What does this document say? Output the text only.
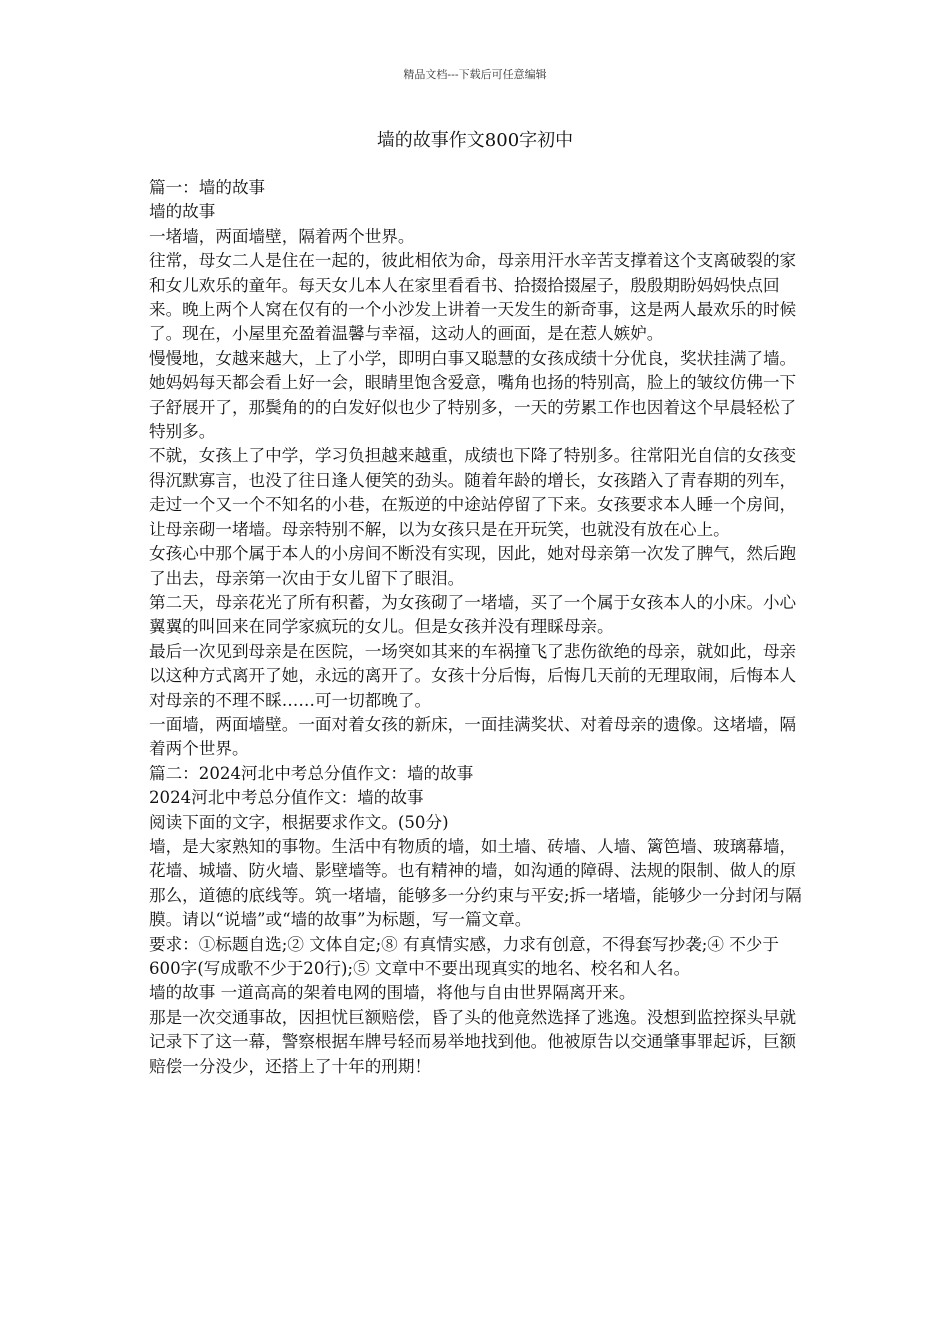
精品文档---下载后可任意编辑
墙的故事作文800字初中

篇一：墙的故事

墙的故事

一堵墙，两面墙壁，隔着两个世界。

往常，母女二人是住在一起的，彼此相依为命，母亲用汗水辛苦支撑着这个支离破裂的家和女儿欢乐的童年。每天女儿本人在家里看看书、拾掇拾掇屋子，殷殷期盼妈妈快点回来。晚上两个人窝在仅有的一个小沙发上讲着一天发生的新奇事，这是两人最欢乐的时候了。现在，小屋里充盈着温馨与幸福，这动人的画面，是在惹人嫉妒。

慢慢地，女越来越大，上了小学，即明白事又聪慧的女孩成绩十分优良，奖状挂满了墙。她妈妈每天都会看上好一会，眼睛里饱含爱意，嘴角也扬的特别高，脸上的皱纹仿佛一下子舒展开了，那鬓角的的白发好似也少了特别多，一天的劳累工作也因着这个早晨轻松了特别多。

不就，女孩上了中学，学习负担越来越重，成绩也下降了特别多。往常阳光自信的女孩变得沉默寡言，也没了往日逢人便笑的劲头。随着年龄的增长，女孩踏入了青春期的列车，走过一个又一个不知名的小巷，在叛逆的中途站停留了下来。女孩要求本人睡一个房间，让母亲砌一堵墙。母亲特别不解，以为女孩只是在开玩笑，也就没有放在心上。

女孩心中那个属于本人的小房间不断没有实现，因此，她对母亲第一次发了脾气，然后跑了出去，母亲第一次由于女儿留下了眼泪。

第二天，母亲花光了所有积蓄，为女孩砌了一堵墙，买了一个属于女孩本人的小床。小心翼翼的叫回来在同学家疯玩的女儿。但是女孩并没有理睬母亲。

最后一次见到母亲是在医院，一场突如其来的车祸撞飞了悲伤欲绝的母亲，就如此，母亲以这种方式离开了她，永远的离开了。女孩十分后悔，后悔几天前的无理取闹，后悔本人对母亲的不理不睬……可一切都晚了。

一面墙，两面墙壁。一面对着女孩的新床，一面挂满奖状、对着母亲的遗像。这堵墙，隔着两个世界。

篇二：2024河北中考总分值作文：墙的故事

2024河北中考总分值作文：墙的故事

阅读下面的文字，根据要求作文。(50分)

墙，是大家熟知的事物。生活中有物质的墙，如土墙、砖墙、人墙、篱笆墙、玻璃幕墙，花墙、城墙、防火墙、影壁墙等。也有精神的墙，如沟通的障碍、法规的限制、做人的原那么，道德的底线等。筑一堵墙，能够多一分约束与平安;拆一堵墙，能够少一分封闭与隔膜。请以“说墙”或“墙的故事”为标题，写一篇文章。

要求：①标题自选;② 文体自定;⑧ 有真情实感，力求有创意，不得套写抄袭;④ 不少于600字(写成歌不少于20行);⑤ 文章中不要出现真实的地名、校名和人名。

墙的故事 一道高高的架着电网的围墙，将他与自由世界隔离开来。

那是一次交通事故，因担忧巨额赔偿，昏了头的他竟然选择了逃逸。没想到监控探头早就记录下了这一幕，警察根据车牌号轻而易举地找到他。他被原告以交通肇事罪起诉，巨额赔偿一分没少，还搭上了十年的刑期！
